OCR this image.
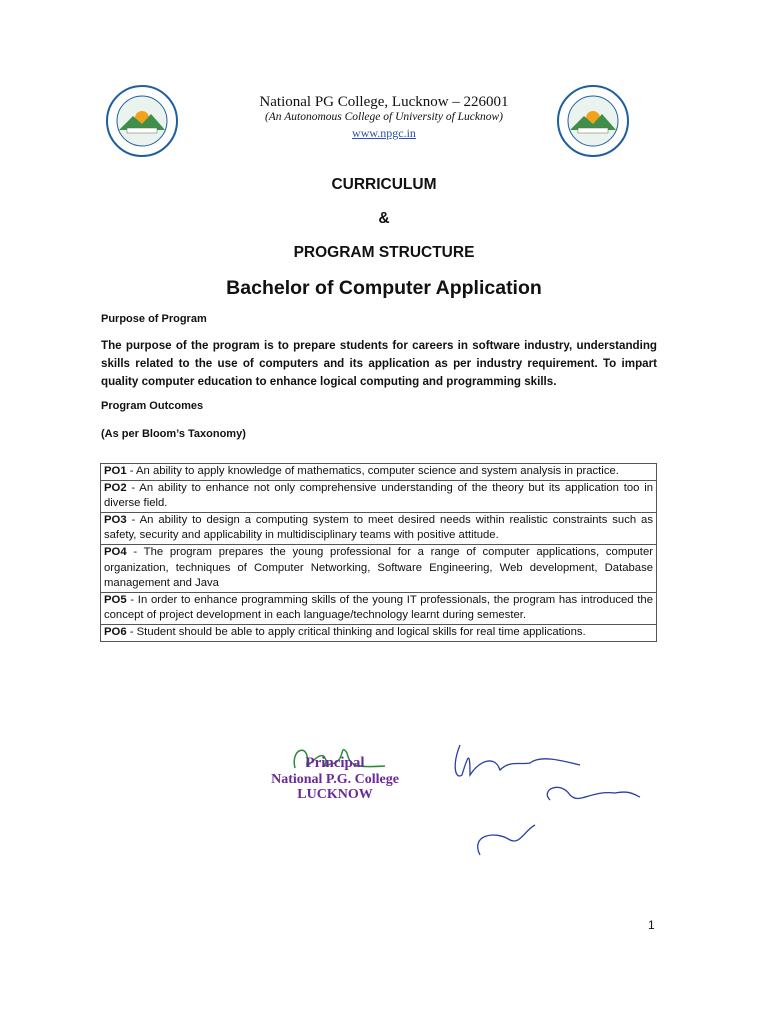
National PG College, Lucknow – 226001
(An Autonomous College of University of Lucknow)
www.npgc.in
CURRICULUM
&
PROGRAM STRUCTURE
Bachelor of Computer Application
Purpose of Program
The purpose of the program is to prepare students for careers in software industry, understanding skills related to the use of computers and its application as per industry requirement. To impart quality computer education to enhance logical computing and programming skills.
Program Outcomes
(As per Bloom’s Taxonomy)
PO1 - An ability to apply knowledge of mathematics, computer science and system analysis in practice.
PO2 - An ability to enhance not only comprehensive understanding of the theory but its application too in diverse field.
PO3 - An ability to design a computing system to meet desired needs within realistic constraints such as safety, security and applicability in multidisciplinary teams with positive attitude.
PO4 - The program prepares the young professional for a range of computer applications, computer organization, techniques of Computer Networking, Software Engineering, Web development, Database management and Java
PO5 - In order to enhance programming skills of the young IT professionals, the program has introduced the concept of project development in each language/technology learnt during semester.
PO6 - Student should be able to apply critical thinking and logical skills for real time applications.
Principal
National P.G. College
LUCKNOW
1
